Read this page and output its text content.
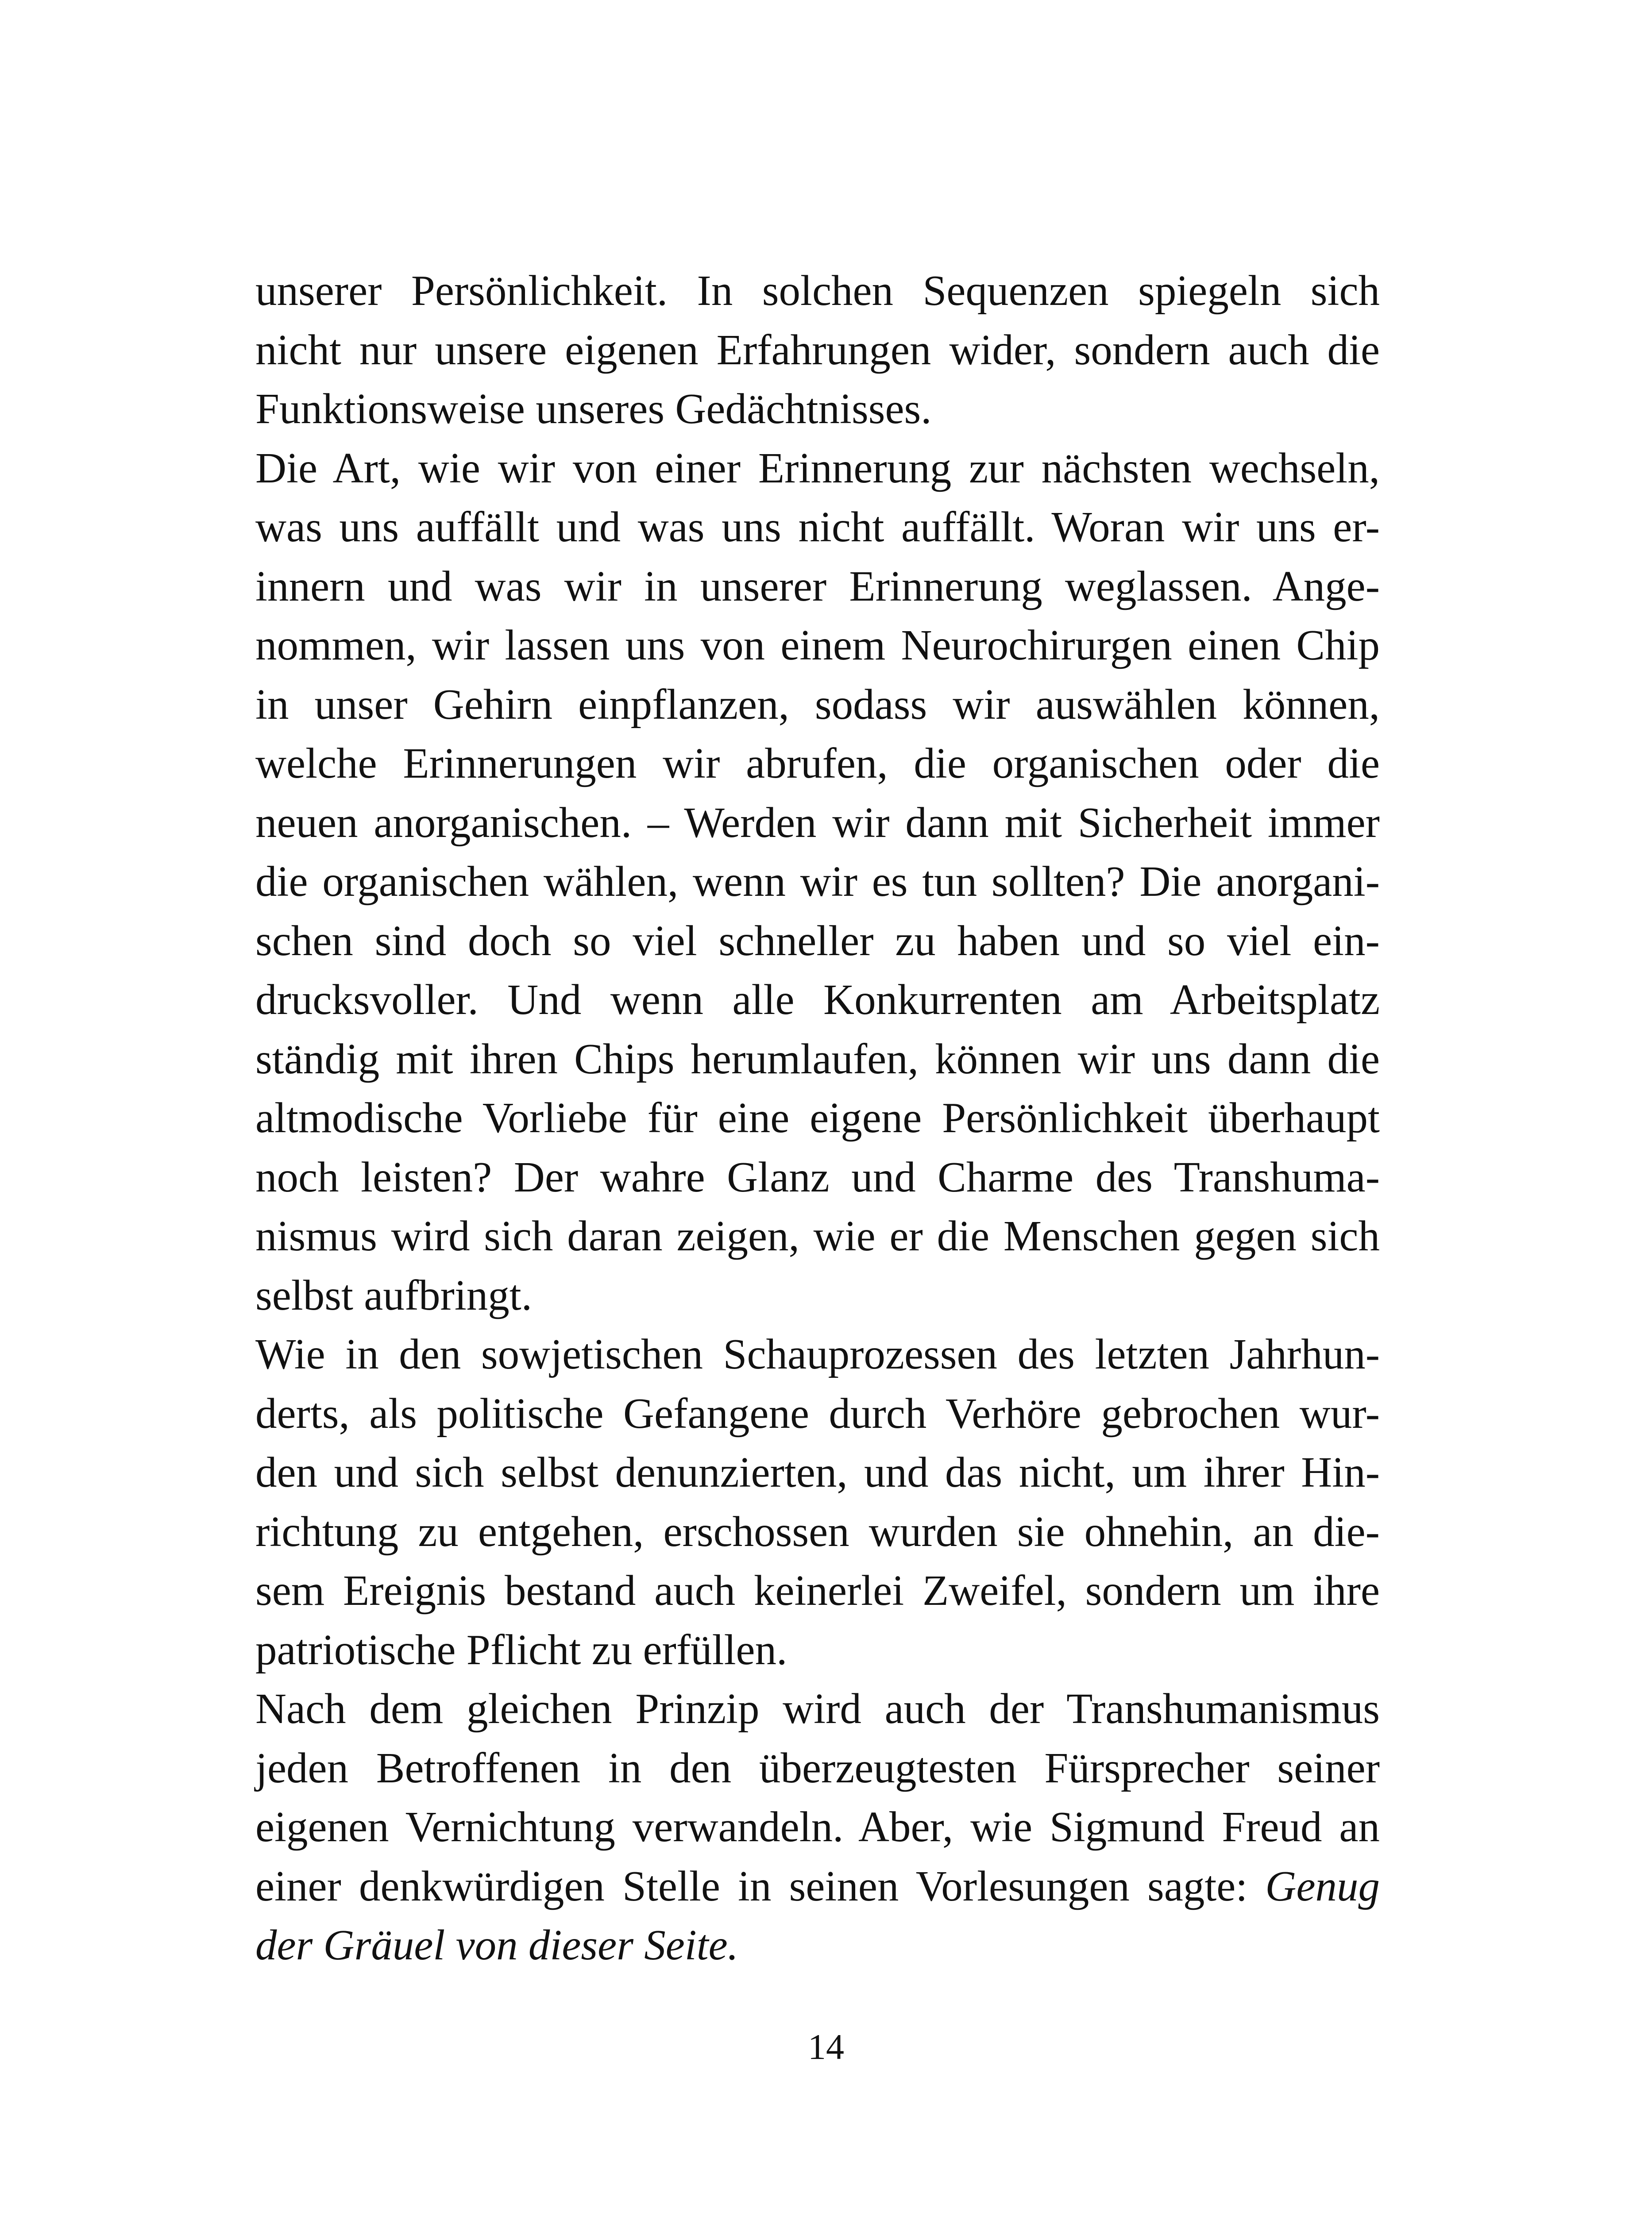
unserer Persönlichkeit. In solchen Sequenzen spiegeln sich
nicht nur unsere eigenen Erfahrungen wider, sondern auch die
Funktionsweise unseres Gedächtnisses.
Die Art, wie wir von einer Erinnerung zur nächsten wechseln,
was uns auffällt und was uns nicht auffällt. Woran wir uns er-
innern und was wir in unserer Erinnerung weglassen. Ange-
nommen, wir lassen uns von einem Neurochirurgen einen Chip
in unser Gehirn einpflanzen, sodass wir auswählen können,
welche Erinnerungen wir abrufen, die organischen oder die
neuen anorganischen. – Werden wir dann mit Sicherheit immer
die organischen wählen, wenn wir es tun sollten? Die anorgani-
schen sind doch so viel schneller zu haben und so viel ein-
drucksvoller. Und wenn alle Konkurrenten am Arbeitsplatz
ständig mit ihren Chips herumlaufen, können wir uns dann die
altmodische Vorliebe für eine eigene Persönlichkeit überhaupt
noch leisten? Der wahre Glanz und Charme des Transhuma-
nismus wird sich daran zeigen, wie er die Menschen gegen sich
selbst aufbringt.
Wie in den sowjetischen Schauprozessen des letzten Jahrhun-
derts, als politische Gefangene durch Verhöre gebrochen wur-
den und sich selbst denunzierten, und das nicht, um ihrer Hin-
richtung zu entgehen, erschossen wurden sie ohnehin, an die-
sem Ereignis bestand auch keinerlei Zweifel, sondern um ihre
patriotische Pflicht zu erfüllen.
Nach dem gleichen Prinzip wird auch der Transhumanismus
jeden Betroffenen in den überzeugtesten Fürsprecher seiner
eigenen Vernichtung verwandeln. Aber, wie Sigmund Freud an
einer denkwürdigen Stelle in seinen Vorlesungen sagte: Genug
der Gräuel von dieser Seite.
14
